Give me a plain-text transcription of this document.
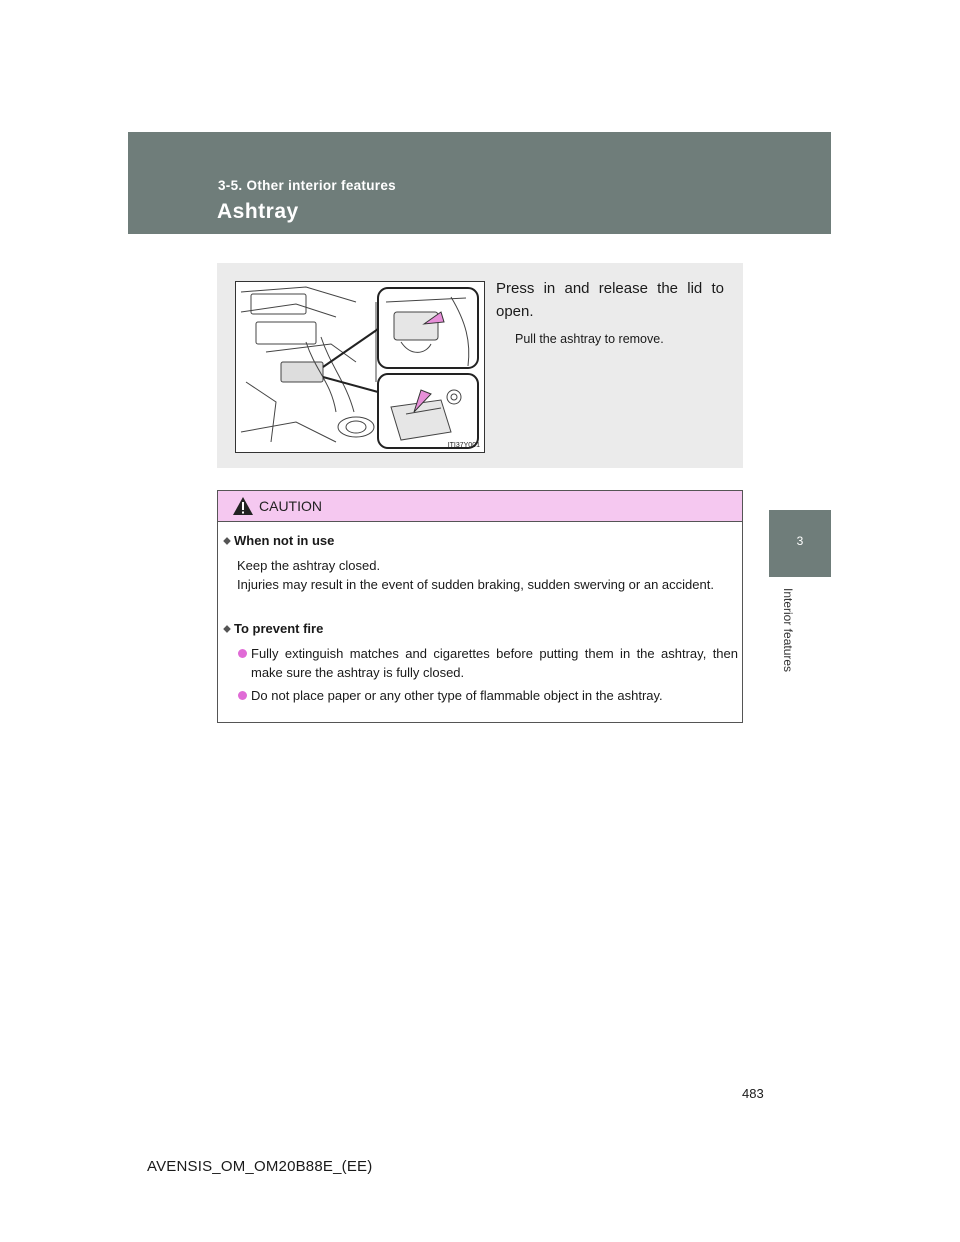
3-5. Other interior features
Ashtray
3
Interior features
ITI37Y001
Press in and release the lid to open.
Pull the ashtray to remove.
CAUTION
When not in use
Keep the ashtray closed.
Injuries may result in the event of sudden braking, sudden swerving or an accident.
To prevent fire
Fully extinguish matches and cigarettes before putting them in the ashtray, then make sure the ashtray is fully closed.
Do not place paper or any other type of flammable object in the ashtray.
483
AVENSIS_OM_OM20B88E_(EE)
